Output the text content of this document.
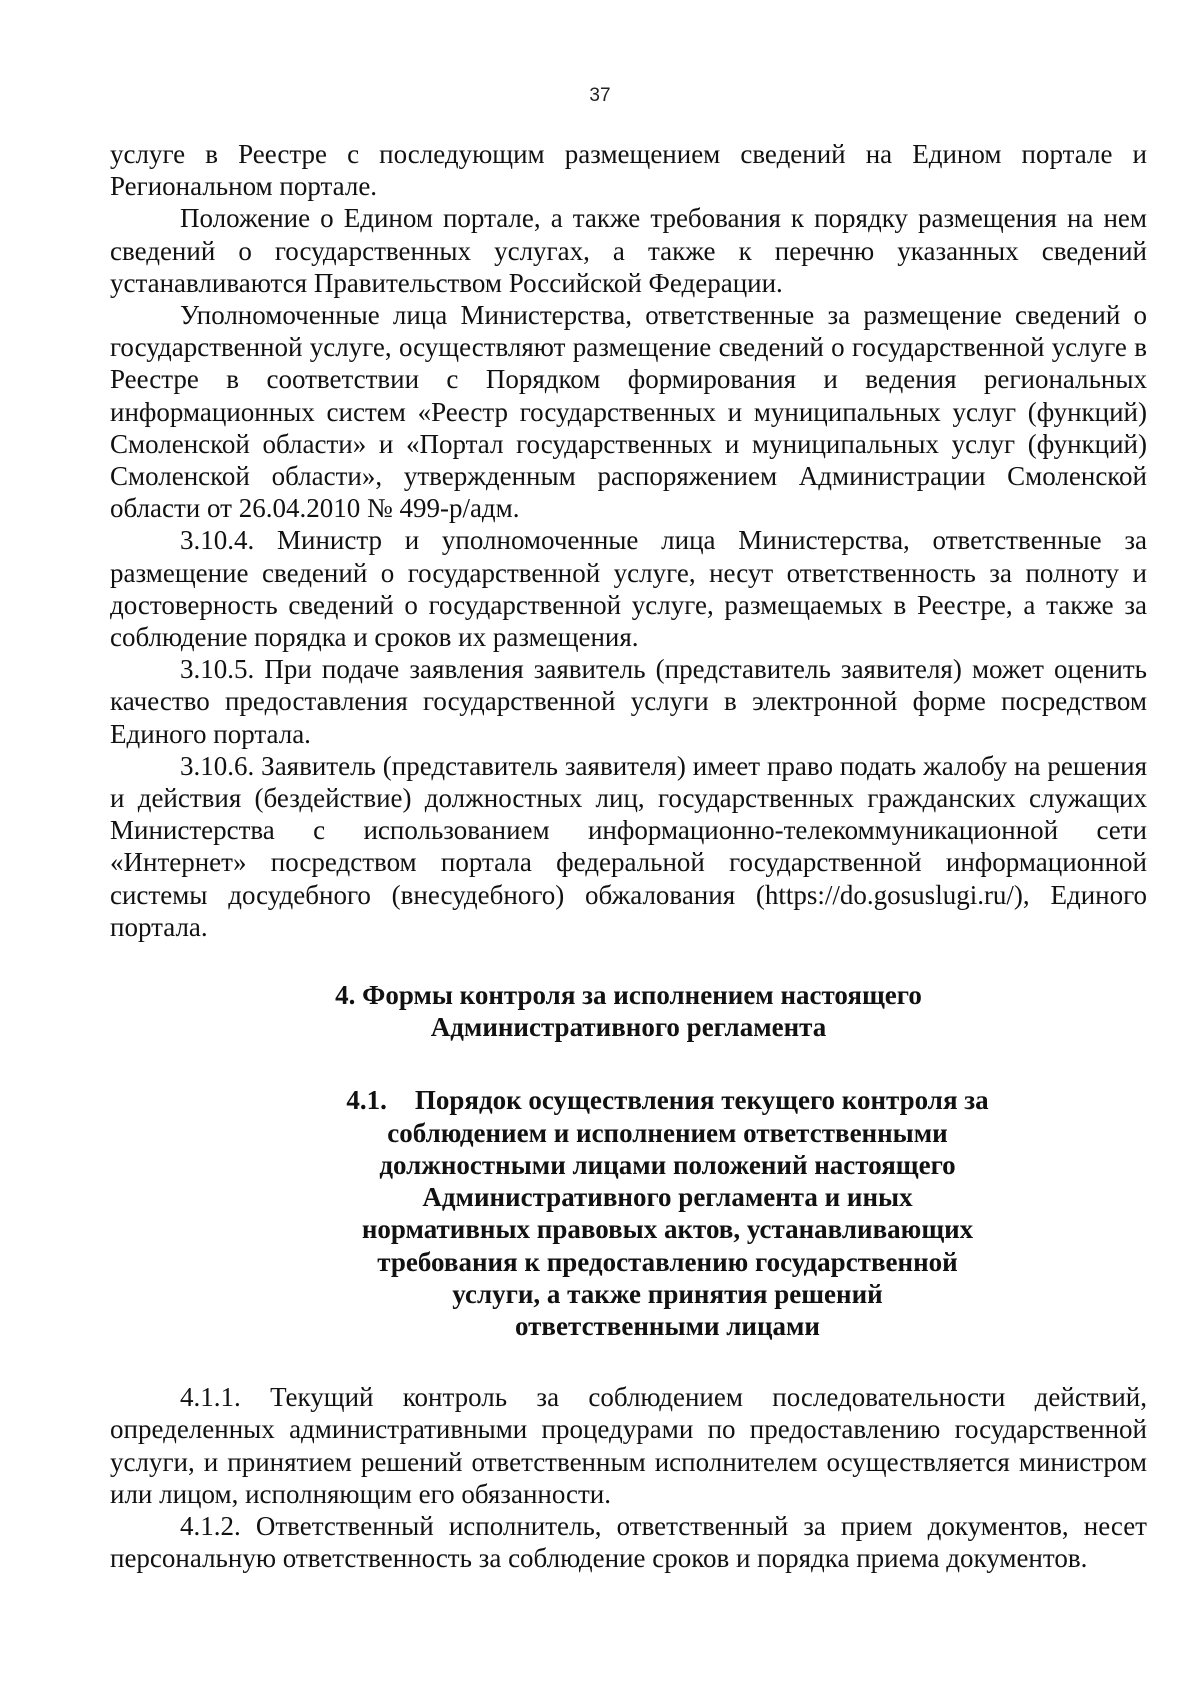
37

услуге в Реестре с последующим размещением сведений на Едином портале и Региональном портале.

Положение о Едином портале, а также требования к порядку размещения на нем сведений о государственных услугах, а также к перечню указанных сведений устанавливаются Правительством Российской Федерации.

Уполномоченные лица Министерства, ответственные за размещение сведений о государственной услуге, осуществляют размещение сведений о государственной услуге в Реестре в соответствии с Порядком формирования и ведения региональных информационных систем «Реестр государственных и муниципальных услуг (функций) Смоленской области» и «Портал государственных и муниципальных услуг (функций) Смоленской области», утвержденным распоряжением Администрации Смоленской области от 26.04.2010 № 499-р/адм.

3.10.4. Министр и уполномоченные лица Министерства, ответственные за размещение сведений о государственной услуге, несут ответственность за полноту и достоверность сведений о государственной услуге, размещаемых в Реестре, а также за соблюдение порядка и сроков их размещения.

3.10.5. При подаче заявления заявитель (представитель заявителя) может оценить качество предоставления государственной услуги в электронной форме посредством Единого портала.

3.10.6. Заявитель (представитель заявителя) имеет право подать жалобу на решения и действия (бездействие) должностных лиц, государственных гражданских служащих Министерства с использованием информационно-телекоммуникационной сети «Интернет» посредством портала федеральной государственной информационной системы досудебного (внесудебного) обжалования (https://do.gosuslugi.ru/), Единого портала.

4. Формы контроля за исполнением настоящего
Административного регламента
4.1. Порядок осуществления текущего контроля за
соблюдением и исполнением ответственными
должностными лицами положений настоящего
Административного регламента и иных
нормативных правовых актов, устанавливающих
требования к предоставлению государственной
услуги, а также принятия решений
ответственными лицами

4.1.1. Текущий контроль за соблюдением последовательности действий, определенных административными процедурами по предоставлению государственной услуги, и принятием решений ответственным исполнителем осуществляется министром или лицом, исполняющим его обязанности.

4.1.2. Ответственный исполнитель, ответственный за прием документов, несет персональную ответственность за соблюдение сроков и порядка приема документов.
